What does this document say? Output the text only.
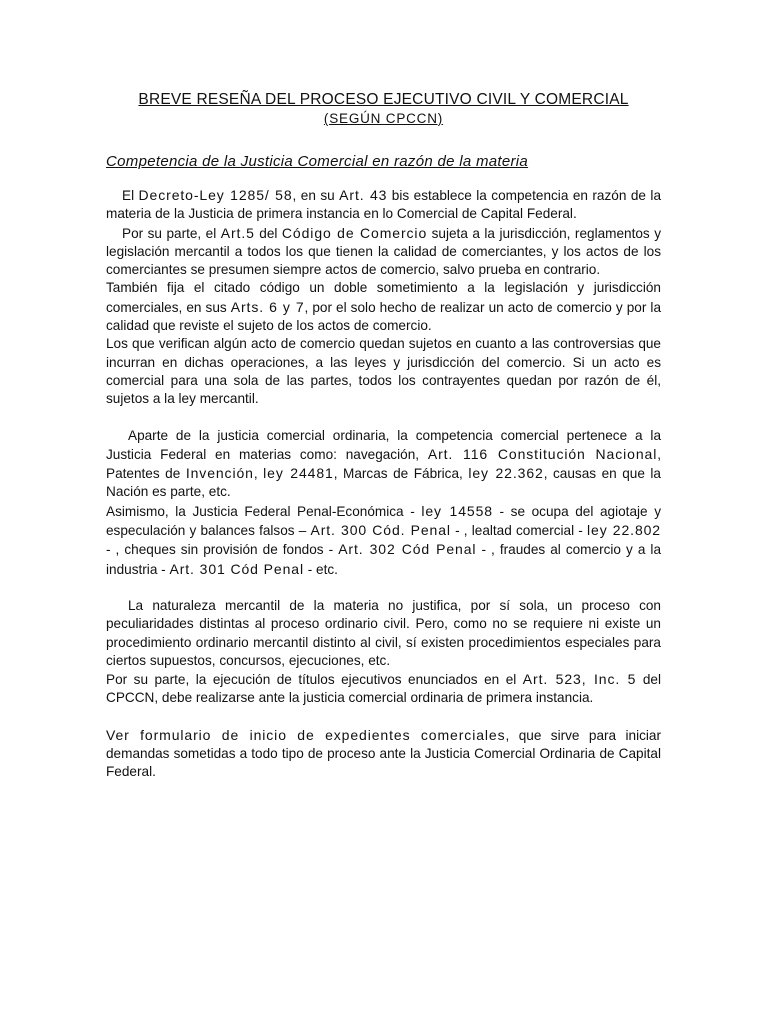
BREVE RESEÑA DEL PROCESO EJECUTIVO CIVIL Y COMERCIAL

(SEGÚN CPCCN)

Competencia de la Justicia Comercial en razón de la materia

El Decreto-Ley 1285/ 58, en su Art. 43 bis establece la competencia en razón de la materia de la Justicia de primera instancia en lo Comercial de Capital Federal.

Por su parte, el Art.5 del Código de Comercio sujeta a la jurisdicción, reglamentos y legislación mercantil a todos los que tienen la calidad de comerciantes, y los actos de los comerciantes se presumen siempre actos de comercio, salvo prueba en contrario.

También fija el citado código un doble sometimiento a la legislación y jurisdicción comerciales, en sus Arts. 6 y 7, por el solo hecho de realizar un acto de comercio y por la calidad que reviste el sujeto de los actos de comercio.

Los que verifican algún acto de comercio quedan sujetos en cuanto a las controversias que incurran en dichas operaciones, a las leyes y jurisdicción del comercio. Si un acto es comercial para una sola de las partes, todos los contrayentes quedan por razón de él, sujetos a la ley mercantil.

Aparte de la justicia comercial ordinaria, la competencia comercial pertenece a la Justicia Federal en materias como: navegación, Art. 116 Constitución Nacional, Patentes de Invención, ley 24481, Marcas de Fábrica, ley 22.362, causas en que la Nación es parte, etc.

Asimismo, la Justicia Federal Penal-Económica - ley 14558 - se ocupa del agiotaje y especulación y balances falsos – Art. 300 Cód. Penal - , lealtad comercial - ley 22.802 - , cheques sin provisión de fondos - Art. 302 Cód Penal - , fraudes al comercio y a la industria - Art. 301 Cód Penal - etc.

La naturaleza mercantil de la materia no justifica, por sí sola, un proceso con peculiaridades distintas al proceso ordinario civil. Pero, como no se requiere ni existe un procedimiento ordinario mercantil distinto al civil, sí existen procedimientos especiales para ciertos supuestos, concursos, ejecuciones, etc.

Por su parte, la ejecución de títulos ejecutivos enunciados en el Art. 523, Inc. 5 del CPCCN, debe realizarse ante la justicia comercial ordinaria de primera instancia.

Ver formulario de inicio de expedientes comerciales, que sirve para iniciar demandas sometidas a todo tipo de proceso ante la Justicia Comercial Ordinaria de Capital Federal.
